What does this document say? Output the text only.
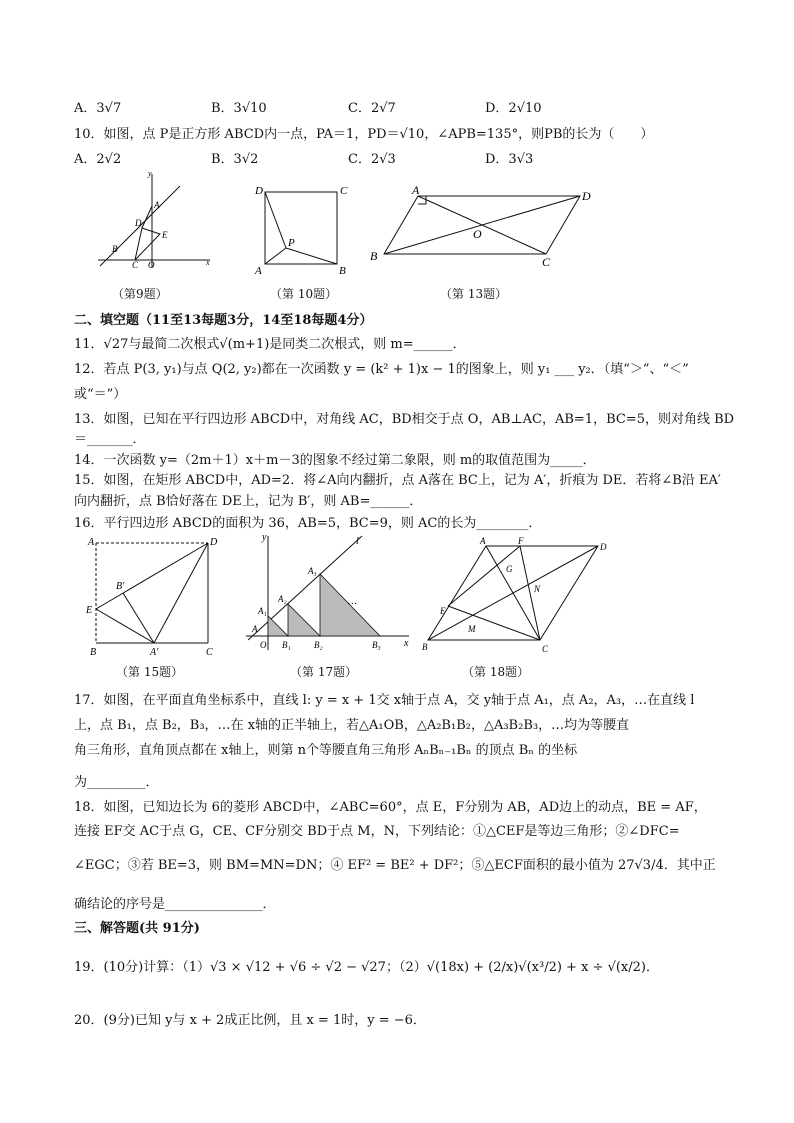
A．3√7	B．3√10	C．2√7	D．2√10
10．如图，点 P是正方形 ABCD内一点，PA＝1，PD＝√10，∠APB=135°，则PB的长为（　　）
A．2√2	B．3√2	C．2√3	D．3√3
y
x
A
D
E
B
C O
（第9题）
D	C
P
A	B
（第 10题）
A	D
O
B	C
（第 13题）
二、填空题（11至13每题3分，14至18每题4分）
11．√27与最简二次根式√(m+1)是同类二次根式，则 m=______．
12．若点 P(3, y₁)与点 Q(2, y₂)都在一次函数 y = (k² + 1)x − 1的图象上，则 y₁ ___ y₂．（填“＞”、“＜”
或“＝”）
13．如图，已知在平行四边形 ABCD中，对角线 AC，BD相交于点 O，AB⊥AC，AB=1，BC=5，则对角线 BD
＝_______．
14．一次函数 y=（2m＋1）x＋m－3的图象不经过第二象限，则 m的取值范围为_____．
15．如图，在矩形 ABCD中，AD=2．将∠A向内翻折，点 A落在 BC上，记为 A′，折痕为 DE．若将∠B沿 EA′
向内翻折，点 B恰好落在 DE上，记为 B′，则 AB=______．
16．平行四边形 ABCD的面积为 36，AB=5，BC=9，则 AC的长为________．
A	D
B′
E
A′
B	C
（第 15题）
y
x
l
…
A₁
A₂
A₃
A
O B₁	B₂	B₃
（第 17题）
A	F
D
G
N
E
M
B	C
（第 18题）
17．如图，在平面直角坐标系中，直线 l: y = x + 1交 x轴于点 A，交 y轴于点 A₁，点 A₂，A₃，…在直线 l
上，点 B₁，点 B₂，B₃，…在 x轴的正半轴上，若△A₁OB，△A₂B₁B₂，△A₃B₂B₃，…均为等腰直
角三角形，直角顶点都在 x轴上，则第 n个等腰直角三角形 AₙBₙ₋₁Bₙ 的顶点 Bₙ 的坐标
为_________．
18．如图，已知边长为 6的菱形 ABCD中，∠ABC=60°，点 E，F分别为 AB，AD边上的动点，BE = AF，
连接 EF交 AC于点 G，CE、CF分别交 BD于点 M，N，下列结论：①△CEF是等边三角形；②∠DFC=
∠EGC；③若 BE=3，则 BM=MN=DN；④ EF² = BE² + DF²；⑤△ECF面积的最小值为 27√3/4．其中正
确结论的序号是_______________．
三、解答题(共 91分)
19．(10分)计算：（1）√3 × √12 + √6 ÷ √2 − √27；（2）√(18x) + (2/x)√(x³/2) + x ÷ √(x/2)．
20．(9分)已知 y与 x + 2成正比例，且 x = 1时，y = −6．
